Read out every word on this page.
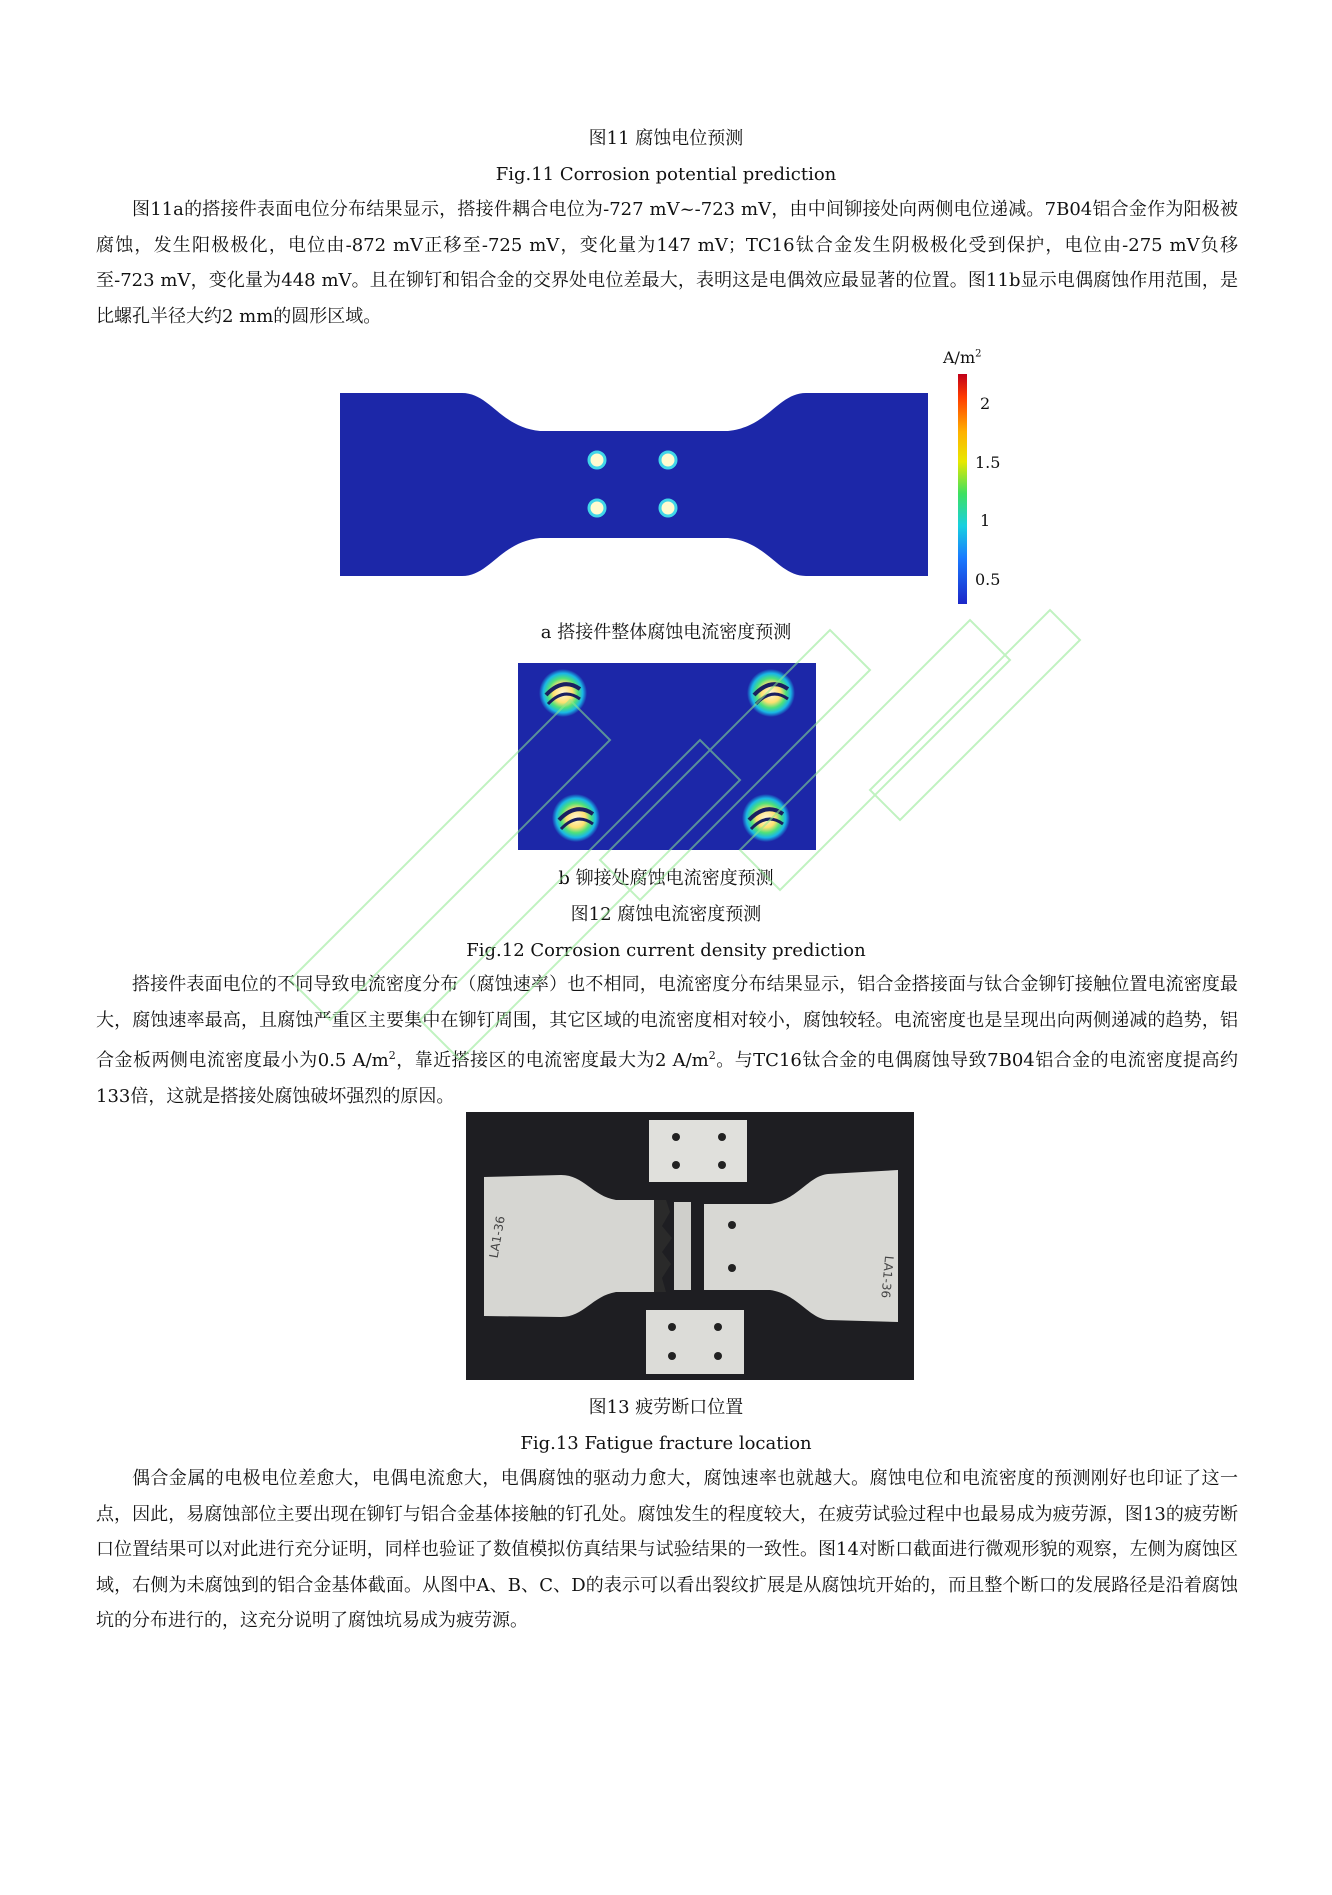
图11 腐蚀电位预测

Fig.11 Corrosion potential prediction

图11a的搭接件表面电位分布结果显示，搭接件耦合电位为-727 mV~-723 mV，由中间铆接处向两侧电位递减。7B04铝合金作为阳极被腐蚀，发生阳极极化，电位由-872 mV正移至-725 mV，变化量为147 mV；TC16钛合金发生阴极极化受到保护，电位由-275 mV负移至-723 mV，变化量为448 mV。且在铆钉和铝合金的交界处电位差最大，表明这是电偶效应最显著的位置。图11b显示电偶腐蚀作用范围，是比螺孔半径大约2 mm的圆形区域。

$A/m^2$
2
1.5
1
0.5

a 搭接件整体腐蚀电流密度预测

b 铆接处腐蚀电流密度预测

图12 腐蚀电流密度预测

Fig.12 Corrosion current density prediction

搭接件表面电位的不同导致电流密度分布（腐蚀速率）也不相同，电流密度分布结果显示，铝合金搭接面与钛合金铆钉接触位置电流密度最大，腐蚀速率最高，且腐蚀严重区主要集中在铆钉周围，其它区域的电流密度相对较小，腐蚀较轻。电流密度也是呈现出向两侧递减的趋势，铝合金板两侧电流密度最小为0.5 $A/m^2$，靠近搭接区的电流密度最大为2 $A/m^2$。与TC16钛合金的电偶腐蚀导致7B04铝合金的电流密度提高约133倍，这就是搭接处腐蚀破坏强烈的原因。

LA1-36
LA1-36

图13 疲劳断口位置

Fig.13 Fatigue fracture location

偶合金属的电极电位差愈大，电偶电流愈大，电偶腐蚀的驱动力愈大，腐蚀速率也就越大。腐蚀电位和电流密度的预测刚好也印证了这一点，因此，易腐蚀部位主要出现在铆钉与铝合金基体接触的钉孔处。腐蚀发生的程度较大，在疲劳试验过程中也最易成为疲劳源，图13的疲劳断口位置结果可以对此进行充分证明，同样也验证了数值模拟仿真结果与试验结果的一致性。图14对断口截面进行微观形貌的观察，左侧为腐蚀区域，右侧为未腐蚀到的铝合金基体截面。从图中A、B、C、D的表示可以看出裂纹扩展是从腐蚀坑开始的，而且整个断口的发展路径是沿着腐蚀坑的分布进行的，这充分说明了腐蚀坑易成为疲劳源。
